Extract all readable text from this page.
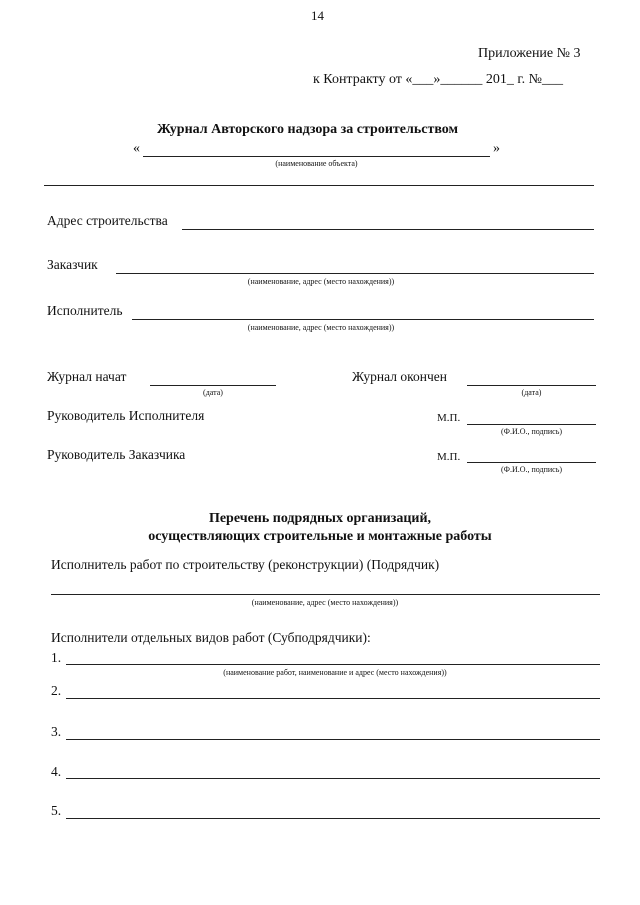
14
Приложение № 3
к Контракту от «___»______ 201_ г. №___
Журнал Авторского надзора за строительством
«	»
(наименование объекта)
Адрес строительства
Заказчик
(наименование, адрес (место нахождения))
Исполнитель
(наименование, адрес (место нахождения))
Журнал начат
(дата)
Журнал окончен
(дата)
Руководитель Исполнителя	М.П.
(Ф.И.О., подпись)
Руководитель Заказчика	М.П.
(Ф.И.О., подпись)
Перечень подрядных организаций,
осуществляющих строительные и монтажные работы
Исполнитель работ по строительству (реконструкции) (Подрядчик)
(наименование, адрес (место нахождения))
Исполнители отдельных видов работ (Субподрядчики):
1.
(наименование работ, наименование и адрес (место нахождения))
2.
3.
4.
5.
